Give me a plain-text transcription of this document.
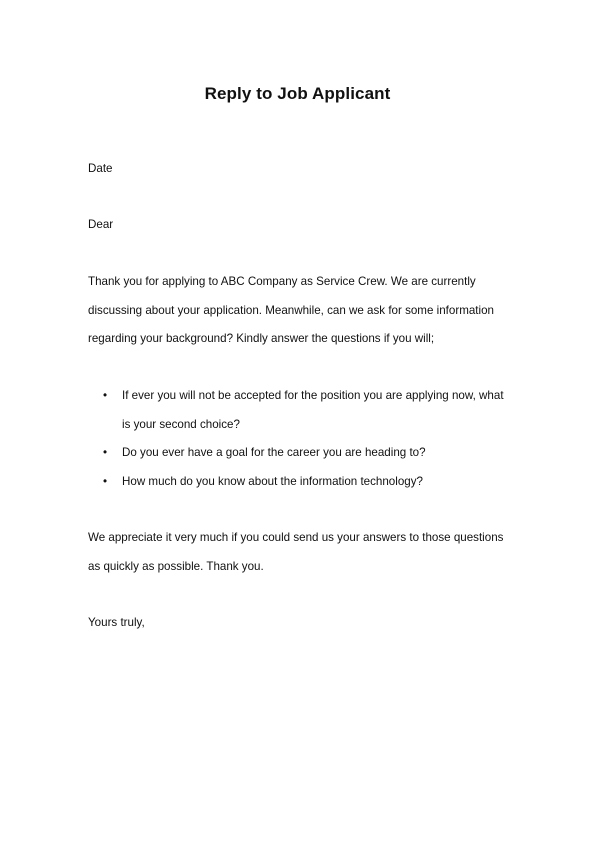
Reply to Job Applicant
Date
Dear
Thank you for applying to ABC Company as Service Crew. We are currently
discussing about your application. Meanwhile, can we ask for some information
regarding your background? Kindly answer the questions if you will;
• If ever you will not be accepted for the position you are applying now, what
is your second choice?
• Do you ever have a goal for the career you are heading to?
• How much do you know about the information technology?
We appreciate it very much if you could send us your answers to those questions
as quickly as possible. Thank you.
Yours truly,
